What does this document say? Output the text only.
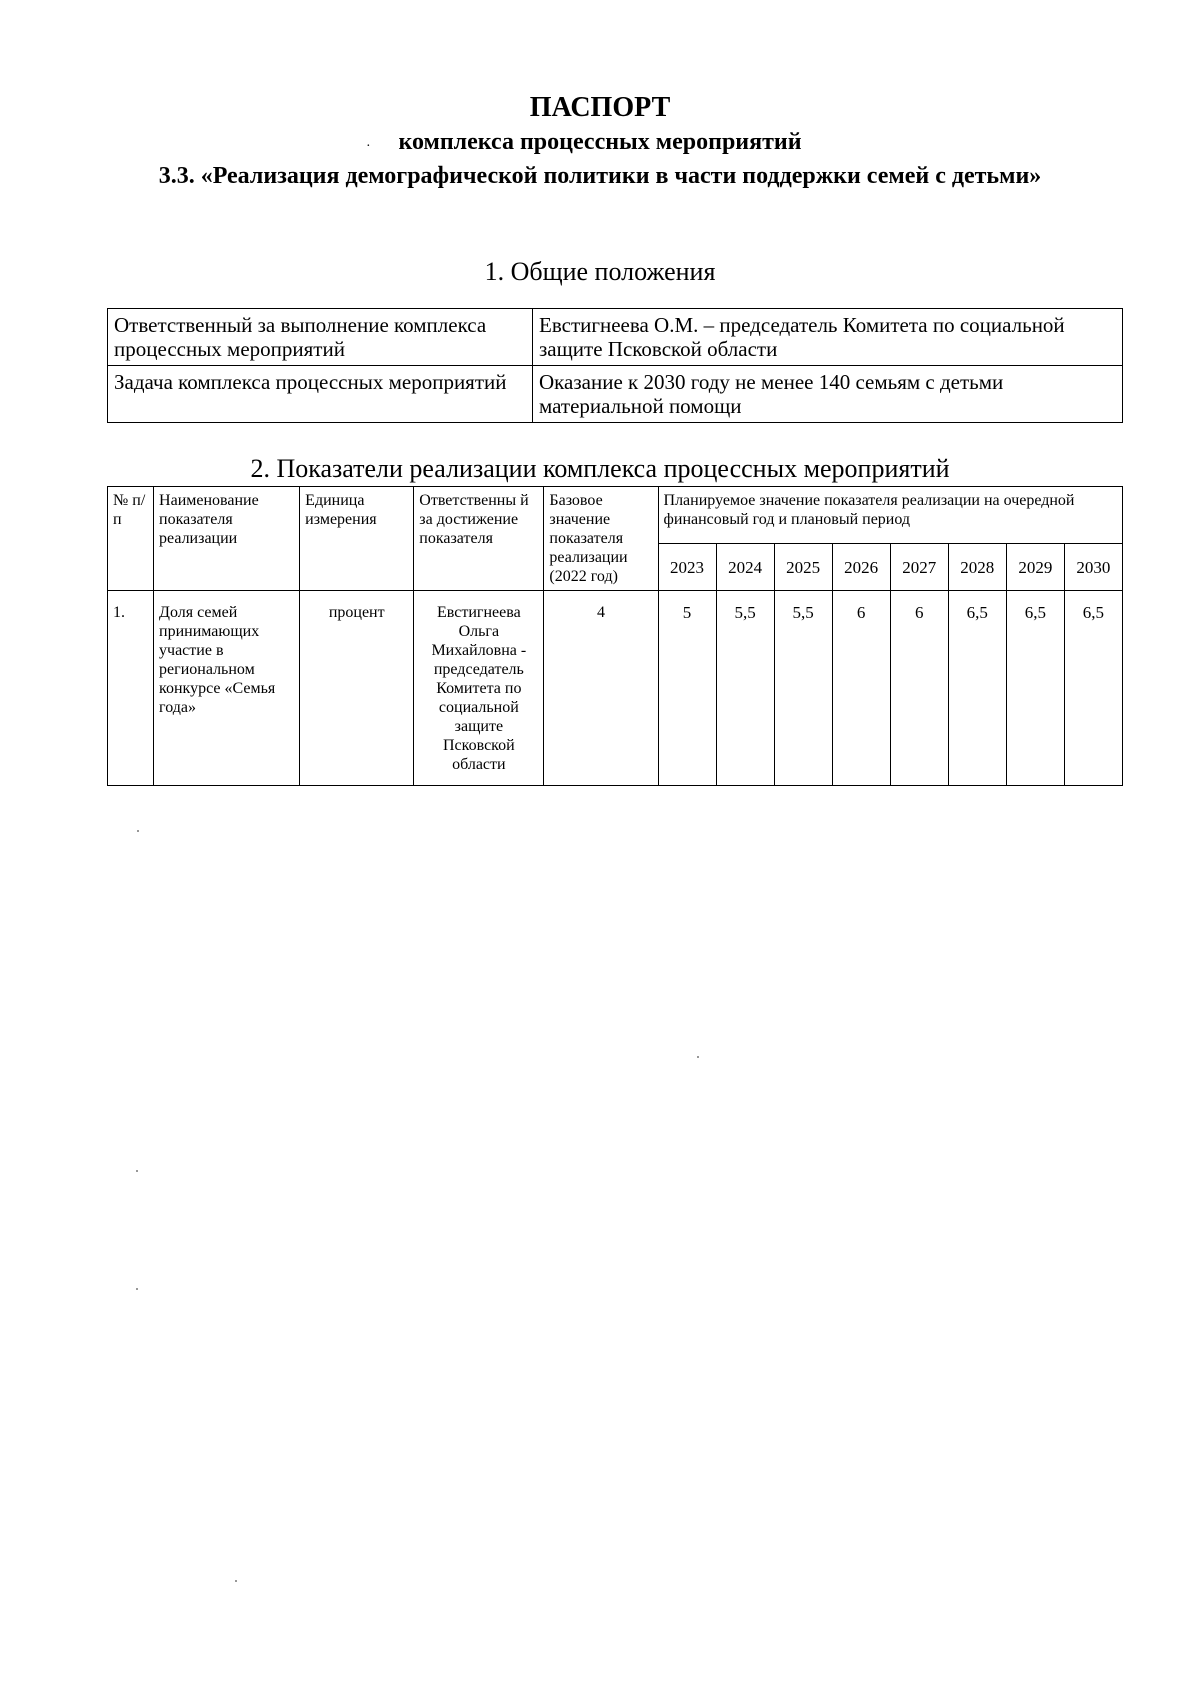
ПАСПОРТ
·	комплекса процессных мероприятий
3.3. «Реализация демографической политики в части поддержки семей с детьми»
1. Общие положения
Ответственный за выполнение комплекса процессных мероприятий	Евстигнеева О.М. – председатель Комитета по социальной защите Псковской области
Задача комплекса процессных мероприятий	Оказание к 2030 году не менее 140 семьям с детьми материальной помощи
2. Показатели реализации комплекса процессных мероприятий
№ п/п	Наименование показателя реализации	Единица измерения	Ответственны й за достижение показателя	Базовое значение показателя реализации (2022 год)	Планируемое значение показателя реализации на очередной финансовый год и плановый период							
					2023	2024	2025	2026	2027	2028	2029	2030
1.	Доля семей принимающих участие в региональном конкурсе «Семья года»	процент	Евстигнеева Ольга Михайловна - председатель Комитета по социальной защите Псковской области	4	5	5,5	5,5	6	6	6,5	6,5	6,5
